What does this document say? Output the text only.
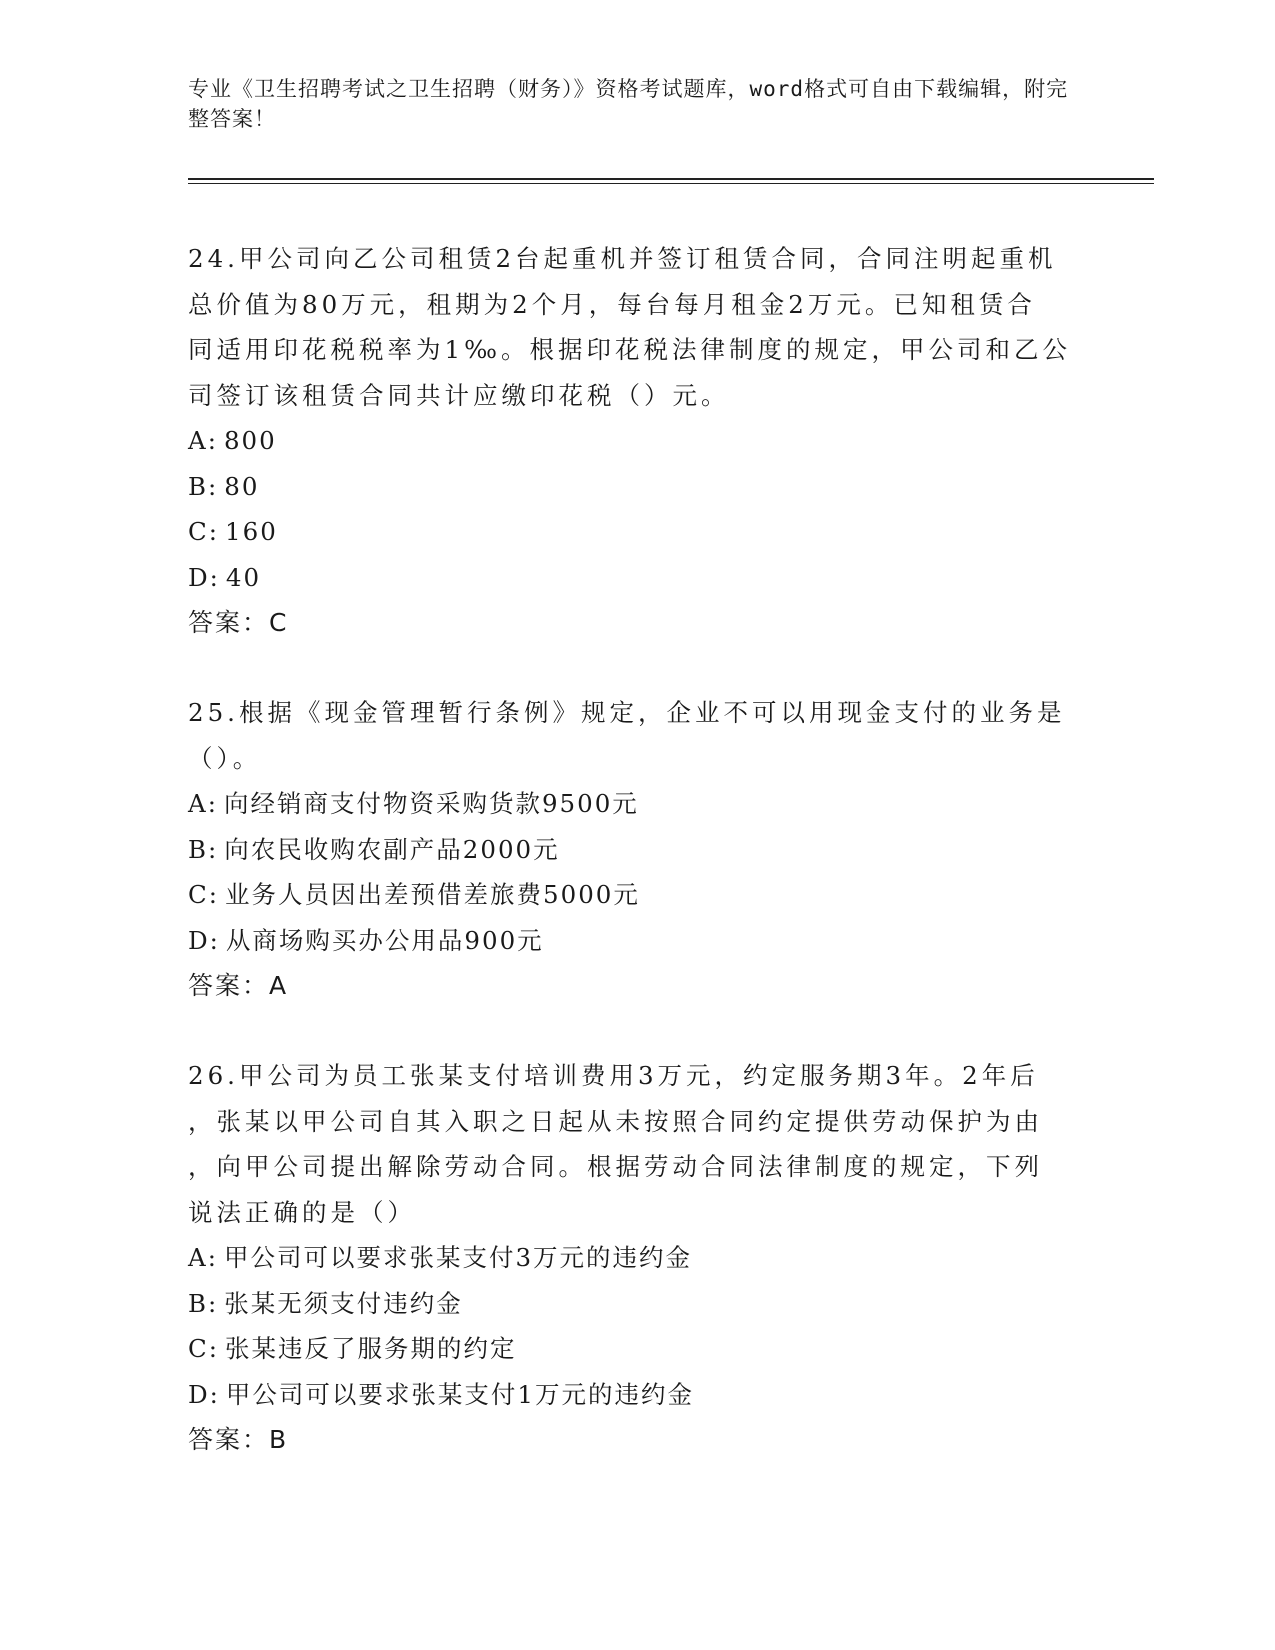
专业《卫生招聘考试之卫生招聘（财务）》资格考试题库，word格式可自由下载编辑，附完整答案！

24.甲公司向乙公司租赁2台起重机并签订租赁合同，合同注明起重机
总价值为80万元，租期为2个月，每台每月租金2万元。已知租赁合
同适用印花税税率为1‰。根据印花税法律制度的规定，甲公司和乙公
司签订该租赁合同共计应缴印花税（）元。

A: 800

B: 80

C: 160

D: 40

答案：C

25.根据《现金管理暂行条例》规定，企业不可以用现金支付的业务是
（）。

A: 向经销商支付物资采购货款9500元

B: 向农民收购农副产品2000元

C: 业务人员因出差预借差旅费5000元

D: 从商场购买办公用品900元

答案：A

26.甲公司为员工张某支付培训费用3万元，约定服务期3年。2年后
，张某以甲公司自其入职之日起从未按照合同约定提供劳动保护为由
，向甲公司提出解除劳动合同。根据劳动合同法律制度的规定，下列
说法正确的是（）

A: 甲公司可以要求张某支付3万元的违约金

B: 张某无须支付违约金

C: 张某违反了服务期的约定

D: 甲公司可以要求张某支付1万元的违约金

答案：B
